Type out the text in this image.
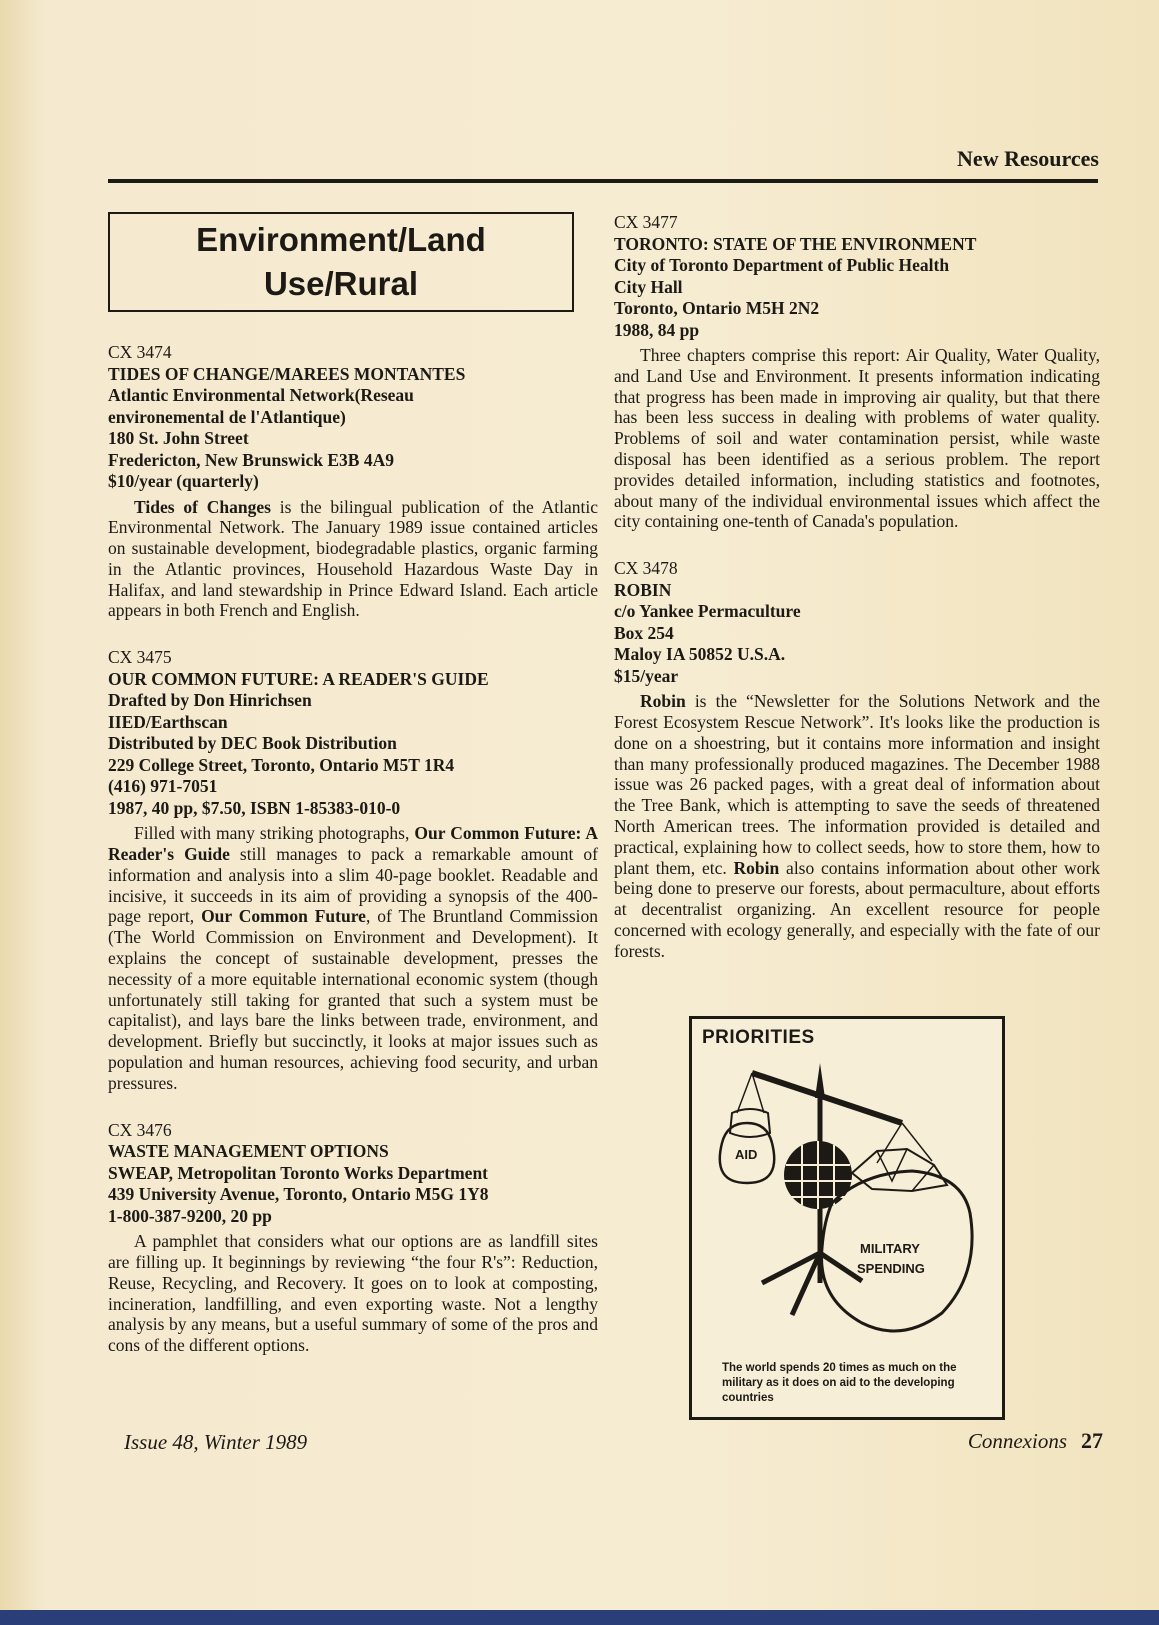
New Resources
Environment/Land
Use/Rural
CX 3474
TIDES OF CHANGE/MAREES MONTANTES
Atlantic Environmental Network(Reseau
environemental de l'Atlantique)
180 St. John Street
Fredericton, New Brunswick E3B 4A9
$10/year (quarterly)

Tides of Changes is the bilingual publication of the Atlantic Environmental Network. The January 1989 issue contained articles on sustainable development, biodegradable plastics, organic farming in the Atlantic provinces, Household Hazardous Waste Day in Halifax, and land stewardship in Prince Edward Island. Each article appears in both French and English.

CX 3475
OUR COMMON FUTURE: A READER'S GUIDE
Drafted by Don Hinrichsen
IIED/Earthscan
Distributed by DEC Book Distribution
229 College Street, Toronto, Ontario M5T 1R4
(416) 971-7051
1987, 40 pp, $7.50, ISBN 1-85383-010-0

Filled with many striking photographs, Our Common Future: A Reader's Guide still manages to pack a remarkable amount of information and analysis into a slim 40-page booklet. Readable and incisive, it succeeds in its aim of providing a synopsis of the 400-page report, Our Common Future, of The Bruntland Commission (The World Commission on Environment and Development). It explains the concept of sustainable development, presses the necessity of a more equitable international economic system (though unfortunately still taking for granted that such a system must be capitalist), and lays bare the links between trade, environment, and development. Briefly but succinctly, it looks at major issues such as population and human resources, achieving food security, and urban pressures.

CX 3476
WASTE MANAGEMENT OPTIONS
SWEAP, Metropolitan Toronto Works Department
439 University Avenue, Toronto, Ontario M5G 1Y8
1-800-387-9200, 20 pp

A pamphlet that considers what our options are as landfill sites are filling up. It beginnings by reviewing “the four R's”: Reduction, Reuse, Recycling, and Recovery. It goes on to look at composting, incineration, landfilling, and even exporting waste. Not a lengthy analysis by any means, but a useful summary of some of the pros and cons of the different options.

CX 3477
TORONTO: STATE OF THE ENVIRONMENT
City of Toronto Department of Public Health
City Hall
Toronto, Ontario M5H 2N2
1988, 84 pp

Three chapters comprise this report: Air Quality, Water Quality, and Land Use and Environment. It presents information indicating that progress has been made in improving air quality, but that there has been less success in dealing with problems of water quality. Problems of soil and water contamination persist, while waste disposal has been identified as a serious problem. The report provides detailed information, including statistics and footnotes, about many of the individual environmental issues which affect the city containing one-tenth of Canada's population.

CX 3478
ROBIN
c/o Yankee Permaculture
Box 254
Maloy IA 50852 U.S.A.
$15/year

Robin is the “Newsletter for the Solutions Network and the Forest Ecosystem Rescue Network”. It's looks like the production is done on a shoestring, but it contains more information and insight than many professionally produced magazines. The December 1988 issue was 26 packed pages, with a great deal of information about the Tree Bank, which is attempting to save the seeds of threatened North American trees. The information provided is detailed and practical, explaining how to collect seeds, how to store them, how to plant them, etc. Robin also contains information about other work being done to preserve our forests, about permaculture, about efforts at decentralist organizing. An excellent resource for people concerned with ecology generally, and especially with the fate of our forests.

PRIORITIES
AID
MILITARY
SPENDING
The world spends 20 times as much on the military as it does on aid to the developing countries
Issue 48, Winter 1989	Connexions 27
